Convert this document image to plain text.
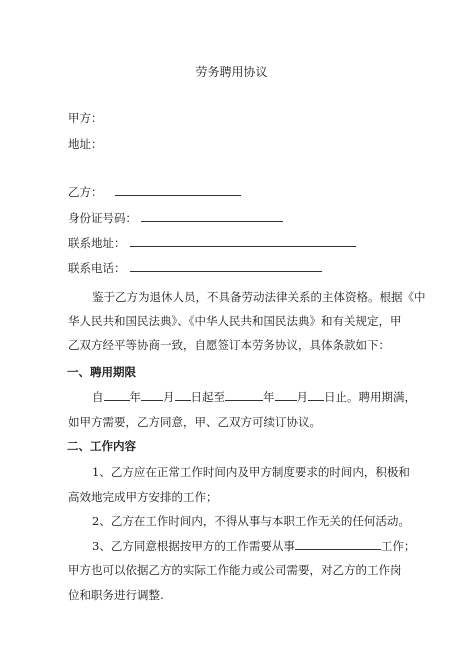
劳务聘用协议
甲方：
地址：
乙方：
身份证号码：
联系地址：
联系电话：
鉴于乙方为退休人员，不具备劳动法律关系的主体资格。根据《中
华人民共和国民法典》、《中华人民共和国民法典》和有关规定，甲
乙双方经平等协商一致，自愿签订本劳务协议，具体条款如下：
一、聘用期限
自 年 月 日起至	年 月 日止。聘用期满，
如甲方需要，乙方同意，甲、乙双方可续订协议。
二、工作内容
1、乙方应在正常工作时间内及甲方制度要求的时间内，积极和
高效地完成甲方安排的工作；
2、乙方在工作时间内，不得从事与本职工作无关的任何活动。
3、乙方同意根据按甲方的工作需要从事	工作；
甲方也可以依据乙方的实际工作能力或公司需要，对乙方的工作岗
位和职务进行调整.
